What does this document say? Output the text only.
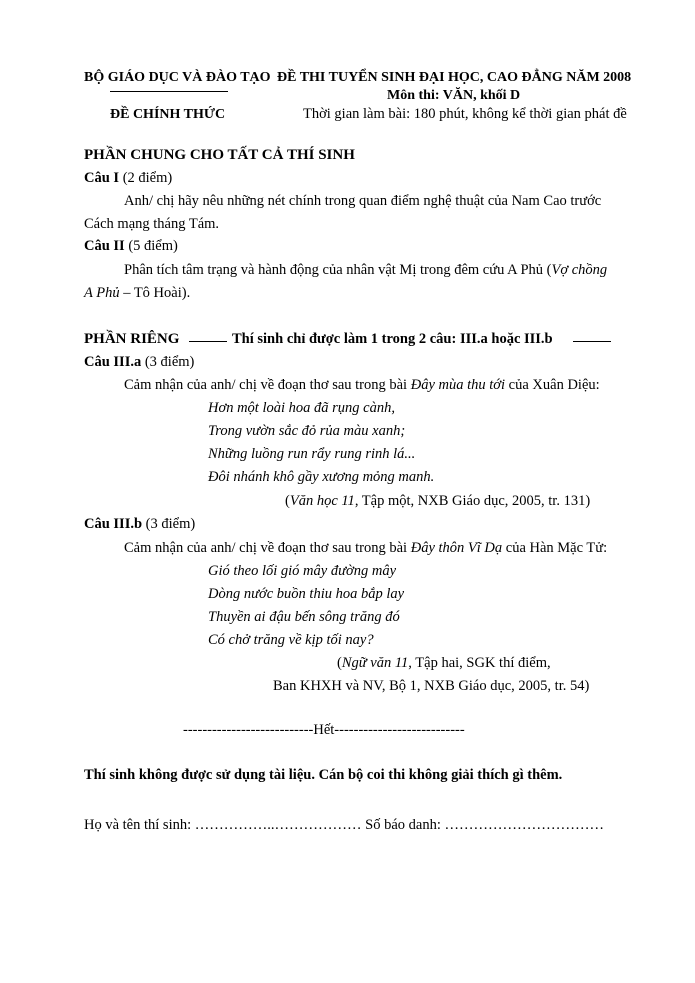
BỘ GIÁO DỤC VÀ ĐÀO TẠO
ĐỀ CHÍNH THỨC
ĐỀ THI TUYỂN SINH ĐẠI HỌC, CAO ĐẲNG NĂM 2008
Môn thi: VĂN, khối D
Thời gian làm bài: 180 phút, không kể thời gian phát đề
PHẦN CHUNG CHO TẤT CẢ THÍ SINH
Câu I (2 điểm)
Anh/ chị hãy nêu những nét chính trong quan điểm nghệ thuật của Nam Cao trước
Cách mạng tháng Tám.
Câu II (5 điểm)
Phân tích tâm trạng và hành động của nhân vật Mị trong đêm cứu A Phủ (Vợ chồng
A Phủ – Tô Hoài).
PHẦN RIÊNG	Thí sinh chỉ được làm 1 trong 2 câu: III.a hoặc III.b
Câu III.a (3 điểm)
Cảm nhận của anh/ chị về đoạn thơ sau trong bài Đây mùa thu tới của Xuân Diệu:
Hơn một loài hoa đã rụng cành,
Trong vườn sắc đỏ rủa màu xanh;
Những luồng run rẩy rung rinh lá...
Đôi nhánh khô gầy xương mỏng manh.
(Văn học 11, Tập một, NXB Giáo dục, 2005, tr. 131)
Câu III.b (3 điểm)
Cảm nhận của anh/ chị về đoạn thơ sau trong bài Đây thôn Vĩ Dạ của Hàn Mặc Tử:
Gió theo lối gió mây đường mây
Dòng nước buồn thiu hoa bắp lay
Thuyền ai đậu bến sông trăng đó
Có chở trăng về kịp tối nay?
(Ngữ văn 11, Tập hai, SGK thí điểm,
Ban KHXH và NV, Bộ 1, NXB Giáo dục, 2005, tr. 54)
---------------------------Hết---------------------------
Thí sinh không được sử dụng tài liệu. Cán bộ coi thi không giải thích gì thêm.
Họ và tên thí sinh: ……………..……………… Số báo danh: ……………………………
